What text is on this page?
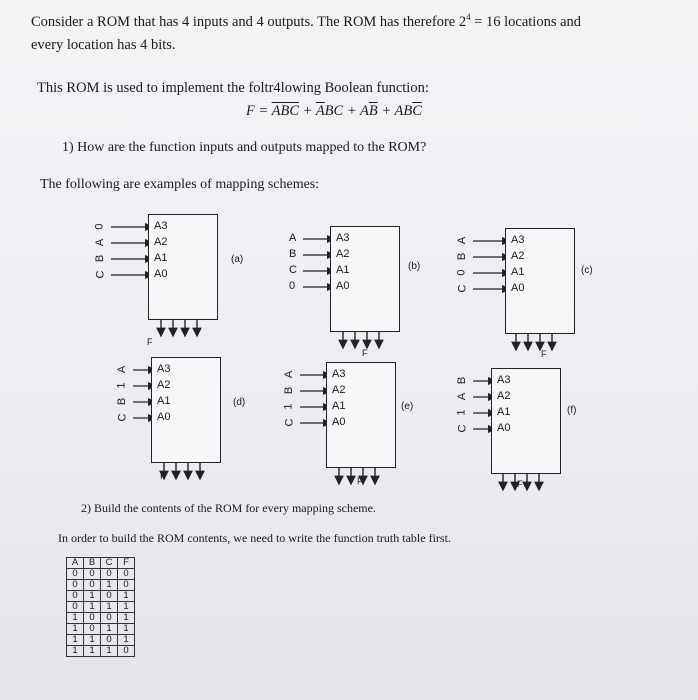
Consider a ROM that has 4 inputs and 4 outputs. The ROM has therefore $2^4 = 16$ locations and
every location has 4 bits.
This ROM is used to implement the foltr4lowing Boolean function:
$F = \overline{A}\overline{BC} + \overline{A}BC + A\overline{B} + AB\overline{C}$
1) How are the function inputs and outputs mapped to the ROM?
The following are examples of mapping schemes:
A3
0
A2
A
A1
B
A0
C
F
(a)
A3
A
A2
B
A1
C
A0
0
F
(b)
A3
A
A2
B
A1
0
A0
C
F
(c)
A3
A
A2
1
A1
B
A0
C
F
(d)
A3
A
A2
B
A1
1
A0
C
F
(e)
A3
B
A2
A
A1
1
A0
C
F
(f)
2) Build the contents of the ROM for every mapping scheme.
In order to build the ROM contents, we need to write the function truth table first.
A	B	C	F
0	0	0	0
0	0	1	0
0	1	0	1
0	1	1	1
1	0	0	1
1	0	1	1
1	1	0	1
1	1	1	0
